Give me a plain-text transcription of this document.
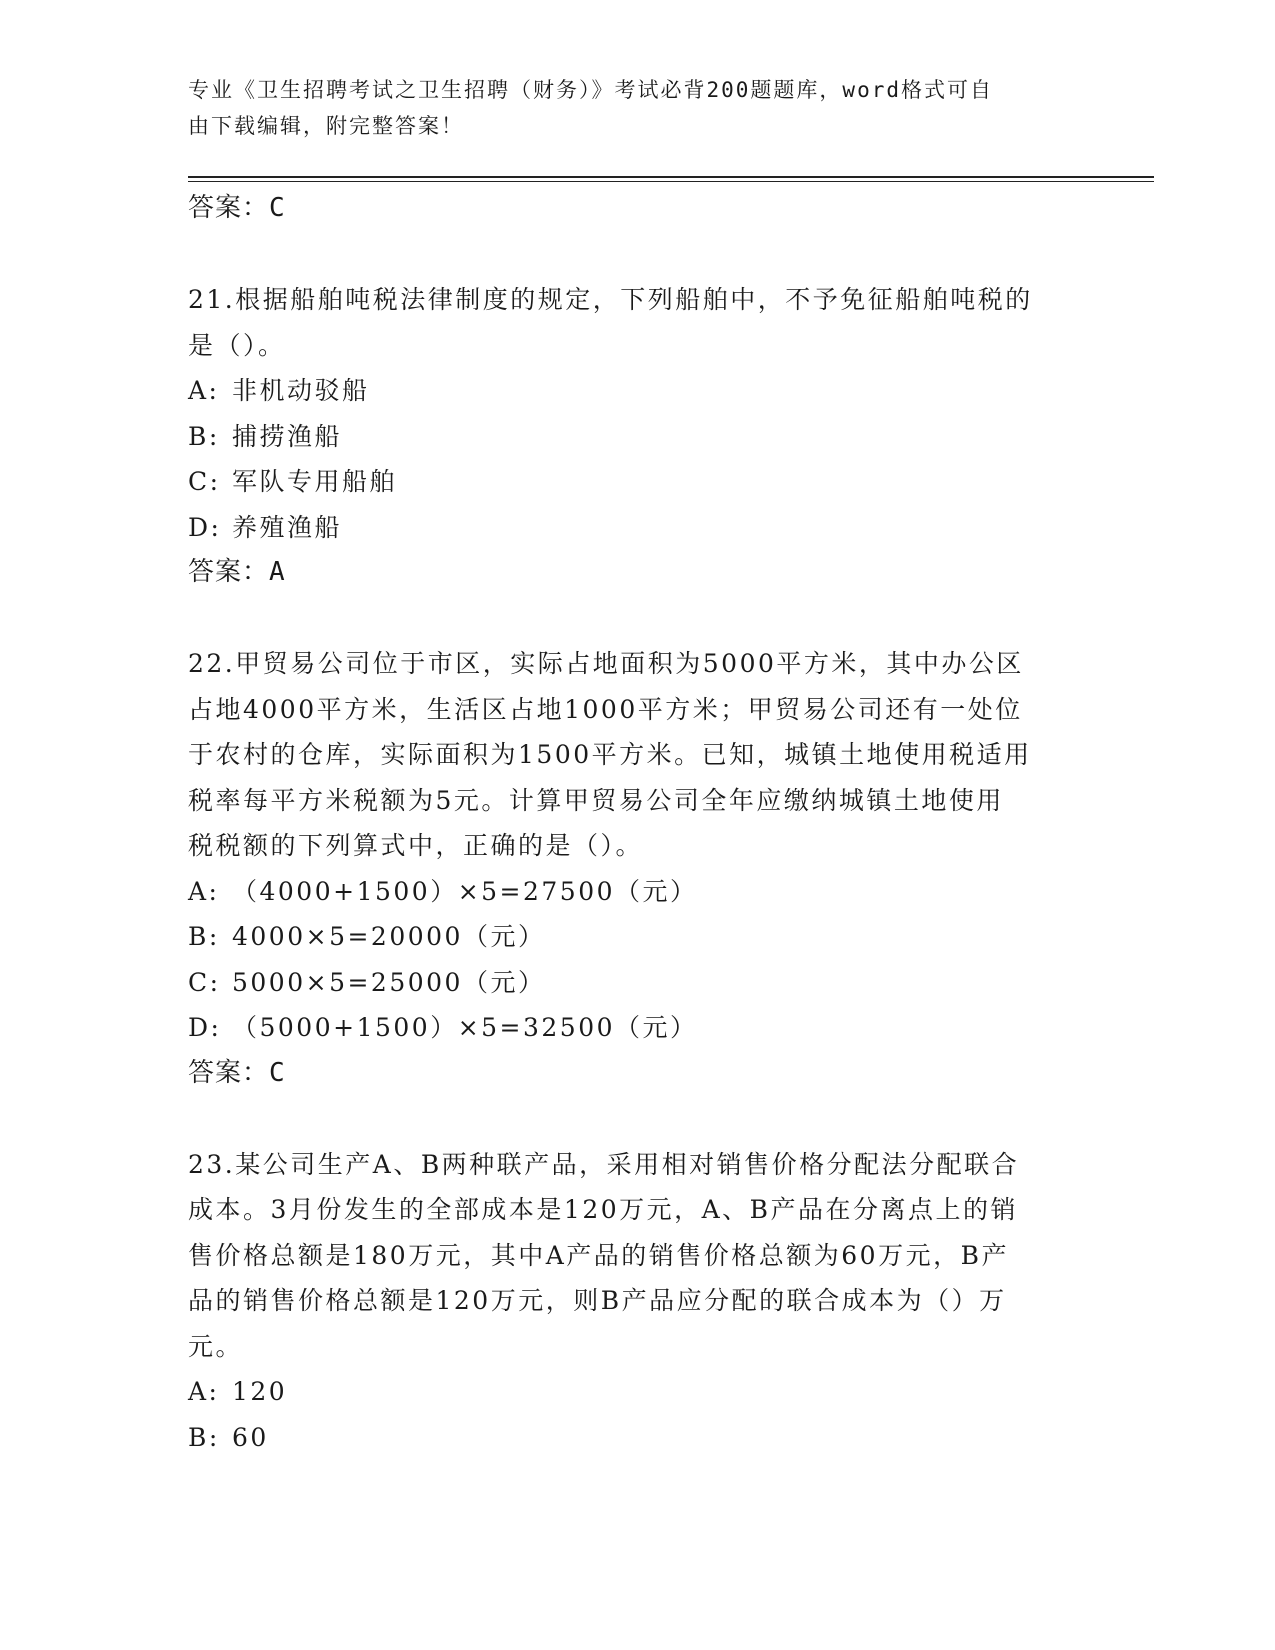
专业《卫生招聘考试之卫生招聘（财务）》考试必背200题题库，word格式可自
由下载编辑，附完整答案！

答案：C

21.根据船舶吨税法律制度的规定，下列船舶中，不予免征船舶吨税的

是（）。

A: 非机动驳船

B: 捕捞渔船

C: 军队专用船舶

D: 养殖渔船

答案：A

22.甲贸易公司位于市区，实际占地面积为5000平方米，其中办公区

占地4000平方米，生活区占地1000平方米；甲贸易公司还有一处位

于农村的仓库，实际面积为1500平方米。已知，城镇土地使用税适用

税率每平方米税额为5元。计算甲贸易公司全年应缴纳城镇土地使用

税税额的下列算式中，正确的是（）。

A: （4000+1500）×5=27500（元）

B: 4000×5=20000（元）

C: 5000×5=25000（元）

D: （5000+1500）×5=32500（元）

答案：C

23.某公司生产A、B两种联产品，采用相对销售价格分配法分配联合

成本。3月份发生的全部成本是120万元，A、B产品在分离点上的销

售价格总额是180万元，其中A产品的销售价格总额为60万元，B产

品的销售价格总额是120万元，则B产品应分配的联合成本为（）万

元。

A: 120

B: 60
